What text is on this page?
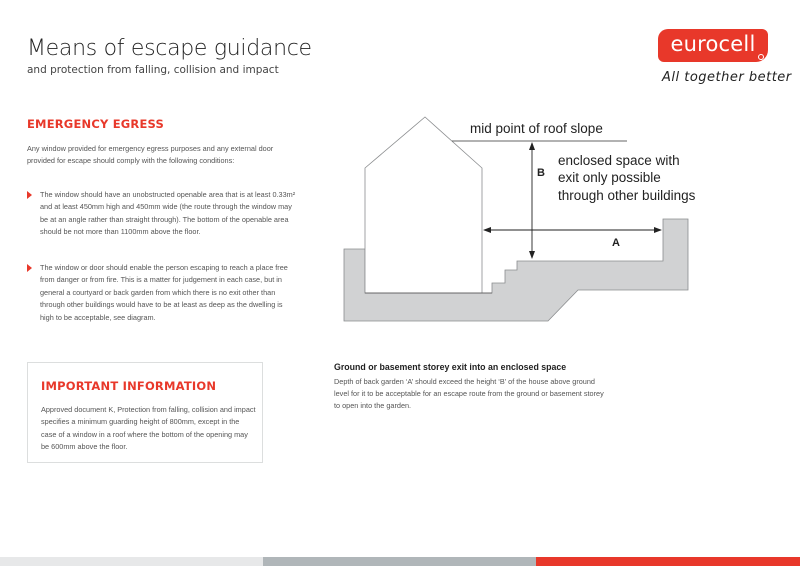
Means of escape guidance
and protection from falling, collision and impact
eurocell
All together better
EMERGENCY EGRESS
Any window provided for emergency egress purposes and any external door provided for escape should comply with the following conditions:
The window should have an unobstructed openable area that is at least 0.33m² and at least 450mm high and 450mm wide (the route through the window may be at an angle rather than straight through). The bottom of the openable area should be not more than 1100mm above the floor.
The window or door should enable the person escaping to reach a place free from danger or from fire. This is a matter for judgement in each case, but in general a courtyard or back garden from which there is no exit other than through other buildings would have to be at least as deep as the dwelling is high to be acceptable, see diagram.
IMPORTANT INFORMATION
Approved document K, Protection from falling, collision and impact specifies a minimum guarding height of 800mm, except in the case of a window in a roof where the bottom of the opening may be 600mm above the floor.
mid point of roof slope
enclosed space with
exit only possible
through other buildings
B
A
Ground or basement storey exit into an enclosed space
Depth of back garden ‘A’ should exceed the height ‘B’ of the house above ground level for it to be acceptable for an escape route from the ground or basement storey to open into the garden.
